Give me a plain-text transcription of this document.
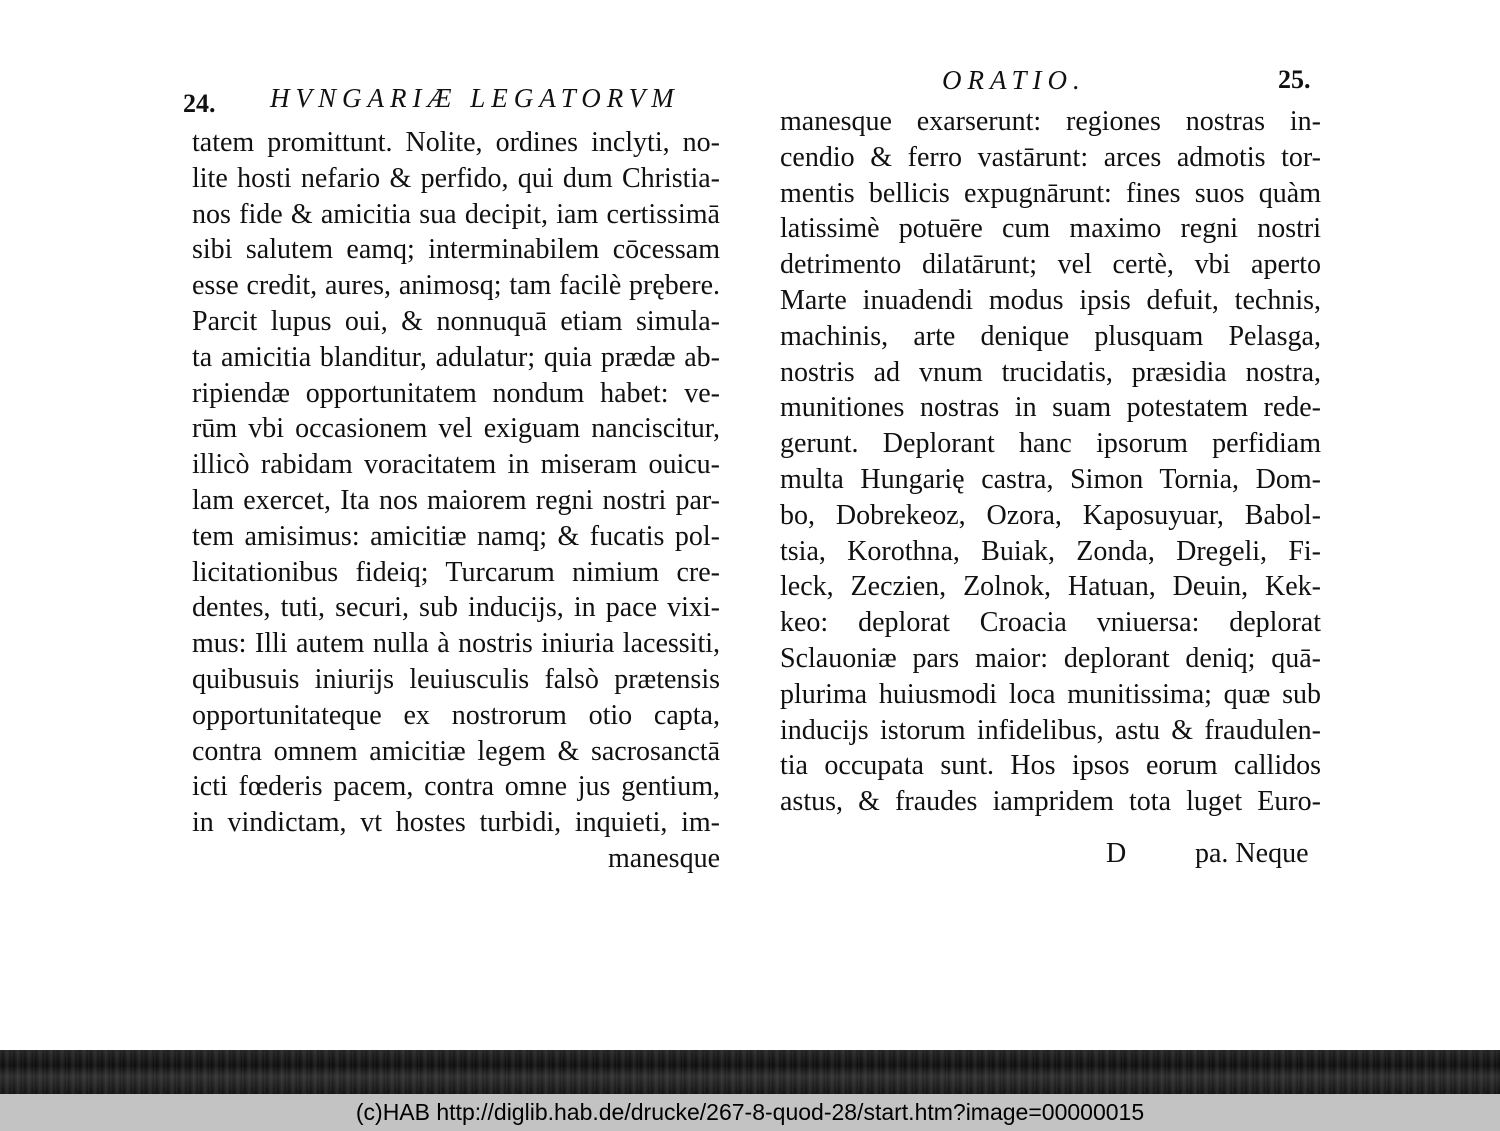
24. HVNGARIÆ LEGATORVM
tatem promittunt. Nolite, ordines inclyti, no-
lite hosti nefario & perfido, qui dum Christia-
nos fide & amicitia sua decipit, iam certissimā
sibi salutem eamq; interminabilem cōcessam
esse credit, aures, animosq; tam facilè prębere.
Parcit lupus oui, & nonnuquā etiam simula-
ta amicitia blanditur, adulatur; quia prædæ ab-
ripiendæ opportunitatem nondum habet: ve-
rūm vbi occasionem vel exiguam nanciscitur,
illicò rabidam voracitatem in miseram ouicu-
lam exercet, Ita nos maiorem regni nostri par-
tem amisimus: amicitiæ namq; & fucatis pol-
licitationibus fideiq; Turcarum nimium cre-
dentes, tuti, securi, sub inducijs, in pace vixi-
mus: Illi autem nulla à nostris iniuria lacessiti,
quibusuis iniurijs leuiusculis falsò prætensis
opportunitateque ex nostrorum otio capta,
contra omnem amicitiæ legem & sacrosanctā
icti fœderis pacem, contra omne jus gentium,
in vindictam, vt hostes turbidi, inquieti, im-
manesque
ORATIO.	25.
manesque exarserunt: regiones nostras in-
cendio & ferro vastārunt: arces admotis tor-
mentis bellicis expugnārunt: fines suos quàm
latissimè potuēre cum maximo regni nostri
detrimento dilatārunt; vel certè, vbi aperto
Marte inuadendi modus ipsis defuit, technis,
machinis, arte denique plusquam Pelasga,
nostris ad vnum trucidatis, præsidia nostra,
munitiones nostras in suam potestatem rede-
gerunt. Deplorant hanc ipsorum perfidiam
multa Hungarię castra, Simon Tornia, Dom-
bo, Dobrekeoz, Ozora, Kaposuyuar, Babol-
tsia, Korothna, Buiak, Zonda, Dregeli, Fi-
leck, Zeczien, Zolnok, Hatuan, Deuin, Kek-
keo: deplorat Croacia vniuersa: deplorat
Sclauoniæ pars maior: deplorant deniq; quā-
plurima huiusmodi loca munitissima; quæ sub
inducijs istorum infidelibus, astu & fraudulen-
tia occupata sunt. Hos ipsos eorum callidos
astus, & fraudes iampridem tota luget Euro-
D pa. Neque
(c)HAB http://diglib.hab.de/drucke/267-8-quod-28/start.htm?image=00000015
